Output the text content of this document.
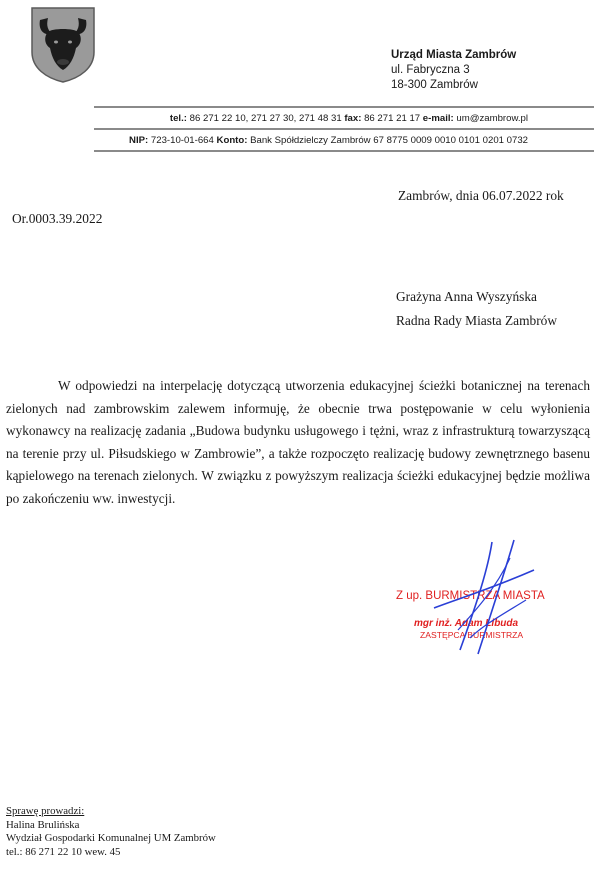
Urząd Miasta Zambrów
ul. Fabryczna 3
18-300 Zambrów
tel.: 86 271 22 10, 271 27 30, 271 48 31 fax: 86 271 21 17 e-mail: um@zambrow.pl
NIP: 723-10-01-664 Konto: Bank Spółdzielczy Zambrów 67 8775 0009 0010 0101 0201 0732
Zambrów, dnia 06.07.2022 rok
Or.0003.39.2022
Grażyna Anna Wyszyńska
Radna Rady Miasta Zambrów

W odpowiedzi na interpelację dotyczącą utworzenia edukacyjnej ścieżki botanicznej na terenach zielonych nad zambrowskim zalewem informuję, że obecnie trwa postępowanie w celu wyłonienia wykonawcy na realizację zadania „Budowa budynku usługowego i tężni, wraz z infrastrukturą towarzyszącą na terenie przy ul. Piłsudskiego w Zambrowie”, a także rozpoczęto realizację budowy zewnętrznego basenu kąpielowego na terenach zielonych. W związku z powyższym realizacja ścieżki edukacyjnej będzie możliwa po zakończeniu ww. inwestycji.

Z up. BURMISTRZA MIASTA
mgr inż. Adam Libuda
ZASTĘPCA BURMISTRZA
Sprawę prowadzi:
Halina Brulińska
Wydział Gospodarki Komunalnej UM Zambrów
tel.: 86 271 22 10 wew. 45
